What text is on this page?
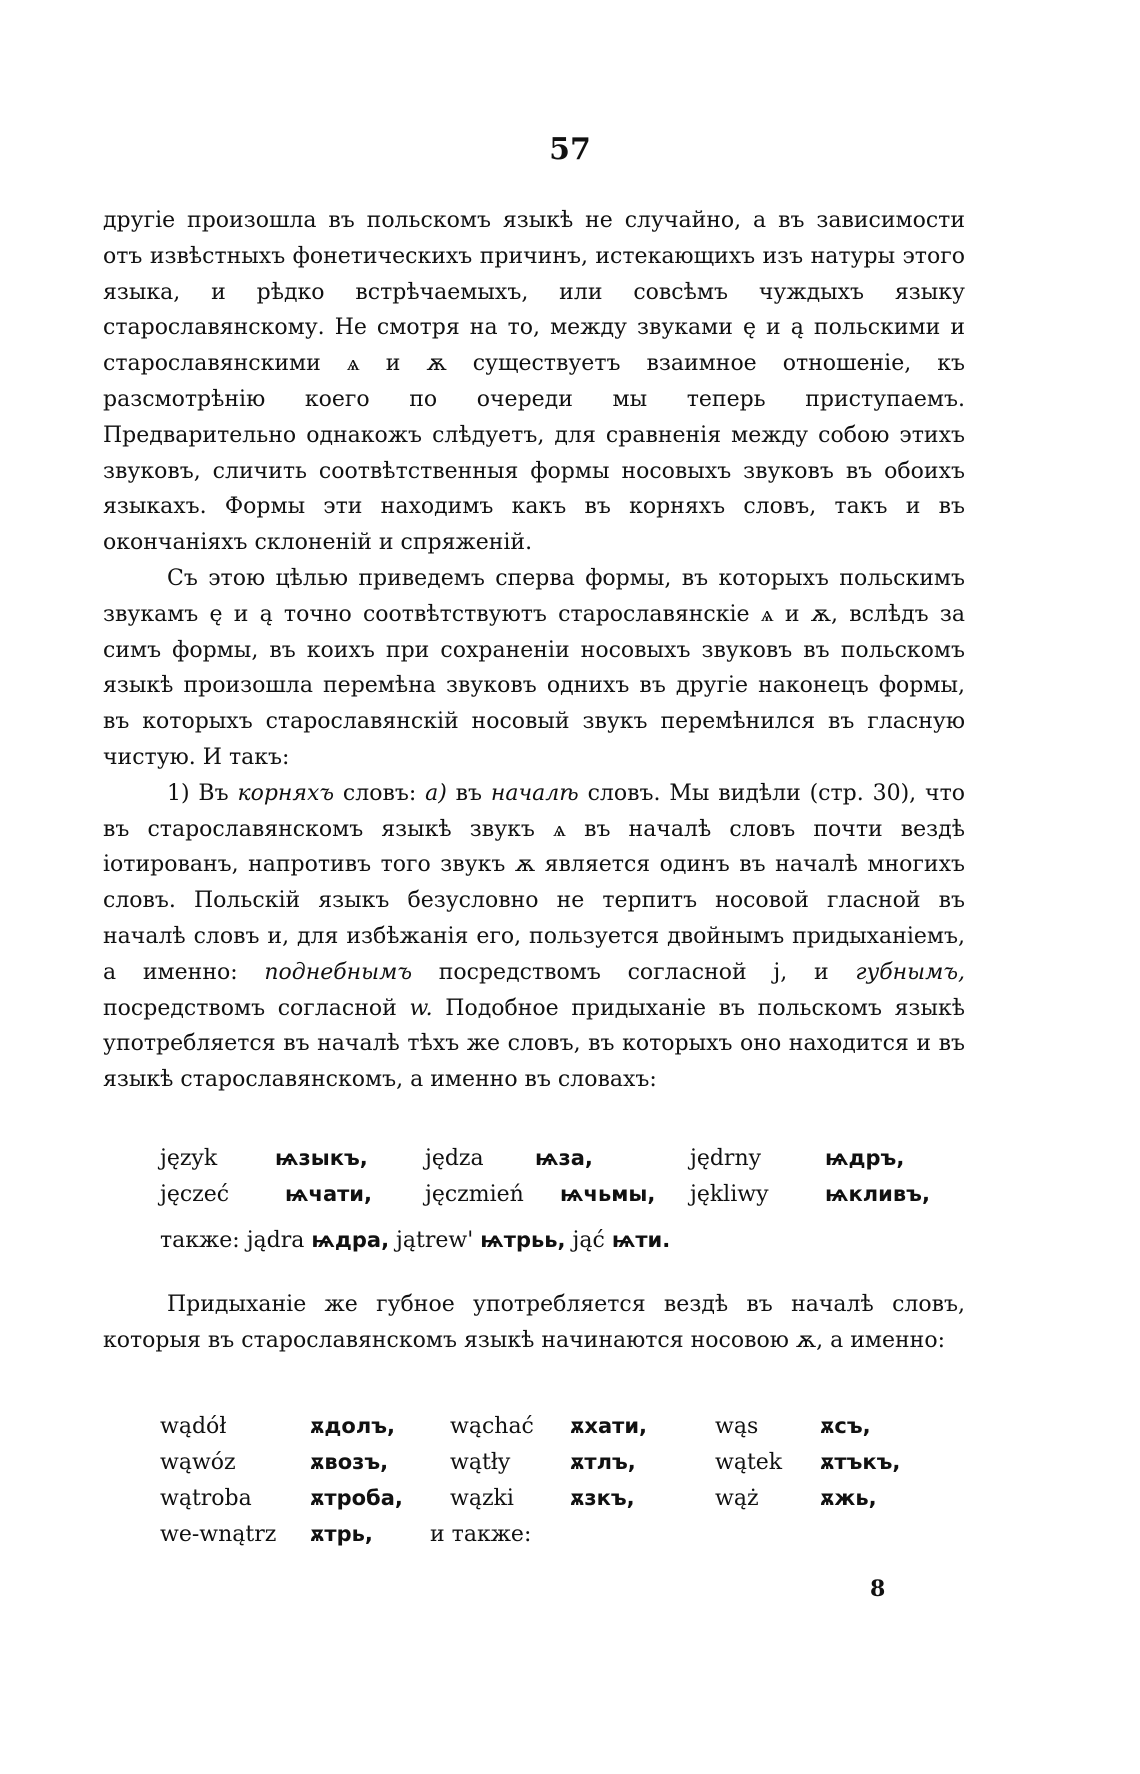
57

другіе произошла въ польскомъ языкѣ не случайно, а въ зависимости отъ извѣстныхъ фонетическихъ причинъ, истекающихъ изъ натуры этого языка, и рѣдко встрѣчаемыхъ, или совсѣмъ чуждыхъ языку старославянскому. Не смотря на то, между звуками ę и ą польскими и старославянскими ѧ и ѫ существуетъ взаимное отношеніе, къ разсмотрѣнію коего по очереди мы теперь приступаемъ. Предварительно однакожъ слѣдуетъ, для сравненія между собою этихъ звуковъ, сличить соотвѣтственныя формы носовыхъ звуковъ въ обоихъ языкахъ. Формы эти находимъ какъ въ корняхъ словъ, такъ и въ окончаніяхъ склоненій и спряженій.

Съ этою цѣлью приведемъ сперва формы, въ которыхъ польскимъ звукамъ ę и ą точно соотвѣтствуютъ старославянскіе ѧ и ѫ, вслѣдъ за симъ формы, въ коихъ при сохраненіи носовыхъ звуковъ въ польскомъ языкѣ произошла перемѣна звуковъ однихъ въ другіе наконецъ формы, въ которыхъ старославянскій носовый звукъ перемѣнился въ гласную чистую. И такъ:

1) Въ корняхъ словъ: а) въ началѣ словъ. Мы видѣли (стр. 30), что въ старославянскомъ языкѣ звукъ ѧ въ началѣ словъ почти вездѣ іотированъ, напротивъ того звукъ ѫ является одинъ въ началѣ многихъ словъ. Польскій языкъ безусловно не терпитъ носовой гласной въ началѣ словъ и, для избѣжанія его, пользуется двойнымъ придыханіемъ, а именно: поднебнымъ посредствомъ согласной j, и губнымъ, посредствомъ согласной w. Подобное придыханіе въ польскомъ языкѣ употребляется въ началѣ тѣхъ же словъ, въ которыхъ оно находится и въ языкѣ старославянскомъ, а именно въ словахъ:

język	ѩзыкъ,	jędza ѩза,	jędrny	ѩдръ,
jęczeć	ѩчати, jęczmień ѩчьмы, jękliwy	ѩкливъ,
также: jądra ѩдра, jątrew' ѩтрьь, jąć ѩти.

Придыханіе же губное употребляется вездѣ въ началѣ словъ, которыя въ старославянскомъ языкѣ начинаются носовою ѫ, а именно:

wądół	ѫдолъ,	wąchać ѫхати,	wąs	ѫсъ,
wąwóz	ѫвозъ,	wątły	ѫтлъ,	wątek ѫтъкъ,
wątroba	ѫтроба, wązki	ѫзкъ,	wąż	ѫжь,
we-wnątrz ѫтрь,	и также:
8
